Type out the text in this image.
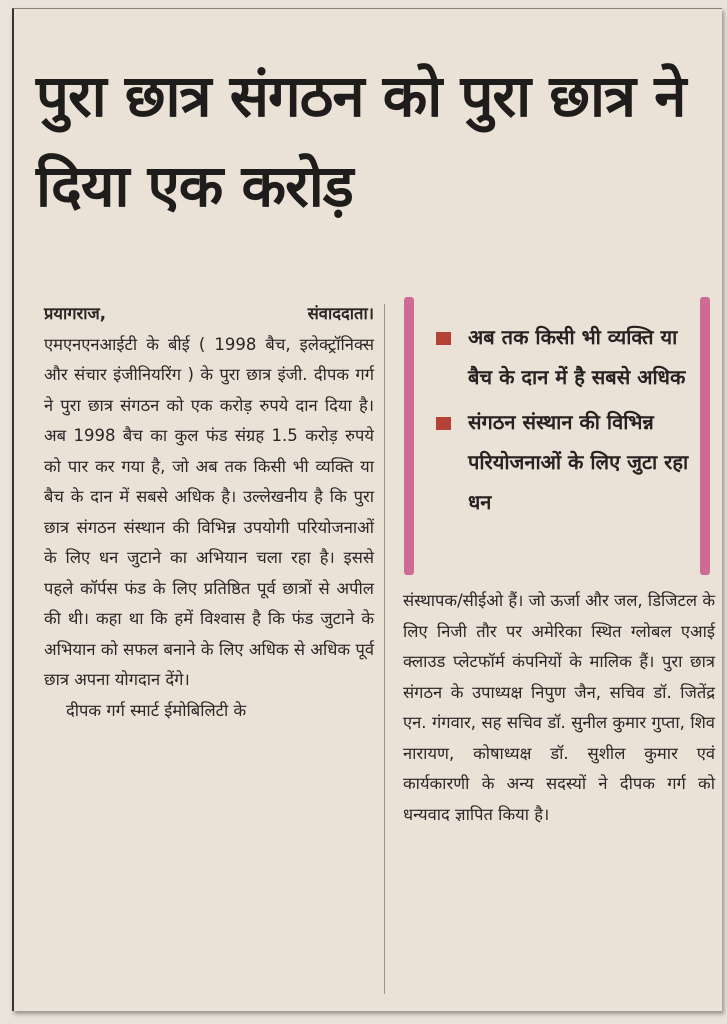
पुरा छात्र संगठन को पुरा छात्र ने दिया एक करोड़
प्रयागराज,	संवाददाता।

एमएनएनआईटी के बीई ( 1998 बैच, इलेक्ट्रॉनिक्स और संचार इंजीनियरिंग ) के पुरा छात्र इंजी. दीपक गर्ग ने पुरा छात्र संगठन को एक करोड़ रुपये दान दिया है। अब 1998 बैच का कुल फंड संग्रह 1.5 करोड़ रुपये को पार कर गया है, जो अब तक किसी भी व्यक्ति या बैच के दान में सबसे अधिक है। उल्लेखनीय है कि पुरा छात्र संगठन संस्थान की विभिन्न उपयोगी परियोजनाओं के लिए धन जुटाने का अभियान चला रहा है। इससे पहले कॉर्पस फंड के लिए प्रतिष्ठित पूर्व छात्रों से अपील की थी। कहा था कि हमें विश्वास है कि फंड जुटाने के अभियान को सफल बनाने के लिए अधिक से अधिक पूर्व छात्र अपना योगदान देंगे।

दीपक गर्ग स्मार्ट ईमोबिलिटी के

अब तक किसी भी व्यक्ति या बैच के दान में है सबसे अधिक
संगठन संस्थान की विभिन्न परियोजनाओं के लिए जुटा रहा धन

संस्थापक/सीईओ हैं। जो ऊर्जा और जल, डिजिटल के लिए निजी तौर पर अमेरिका स्थित ग्लोबल एआई क्लाउड प्लेटफॉर्म कंपनियों के मालिक हैं। पुरा छात्र संगठन के उपाध्यक्ष निपुण जैन, सचिव डॉ. जितेंद्र एन. गंगवार, सह सचिव डॉ. सुनील कुमार गुप्ता, शिव नारायण, कोषाध्यक्ष डॉ. सुशील कुमार एवं कार्यकारणी के अन्य सदस्यों ने दीपक गर्ग को धन्यवाद ज्ञापित किया है।
